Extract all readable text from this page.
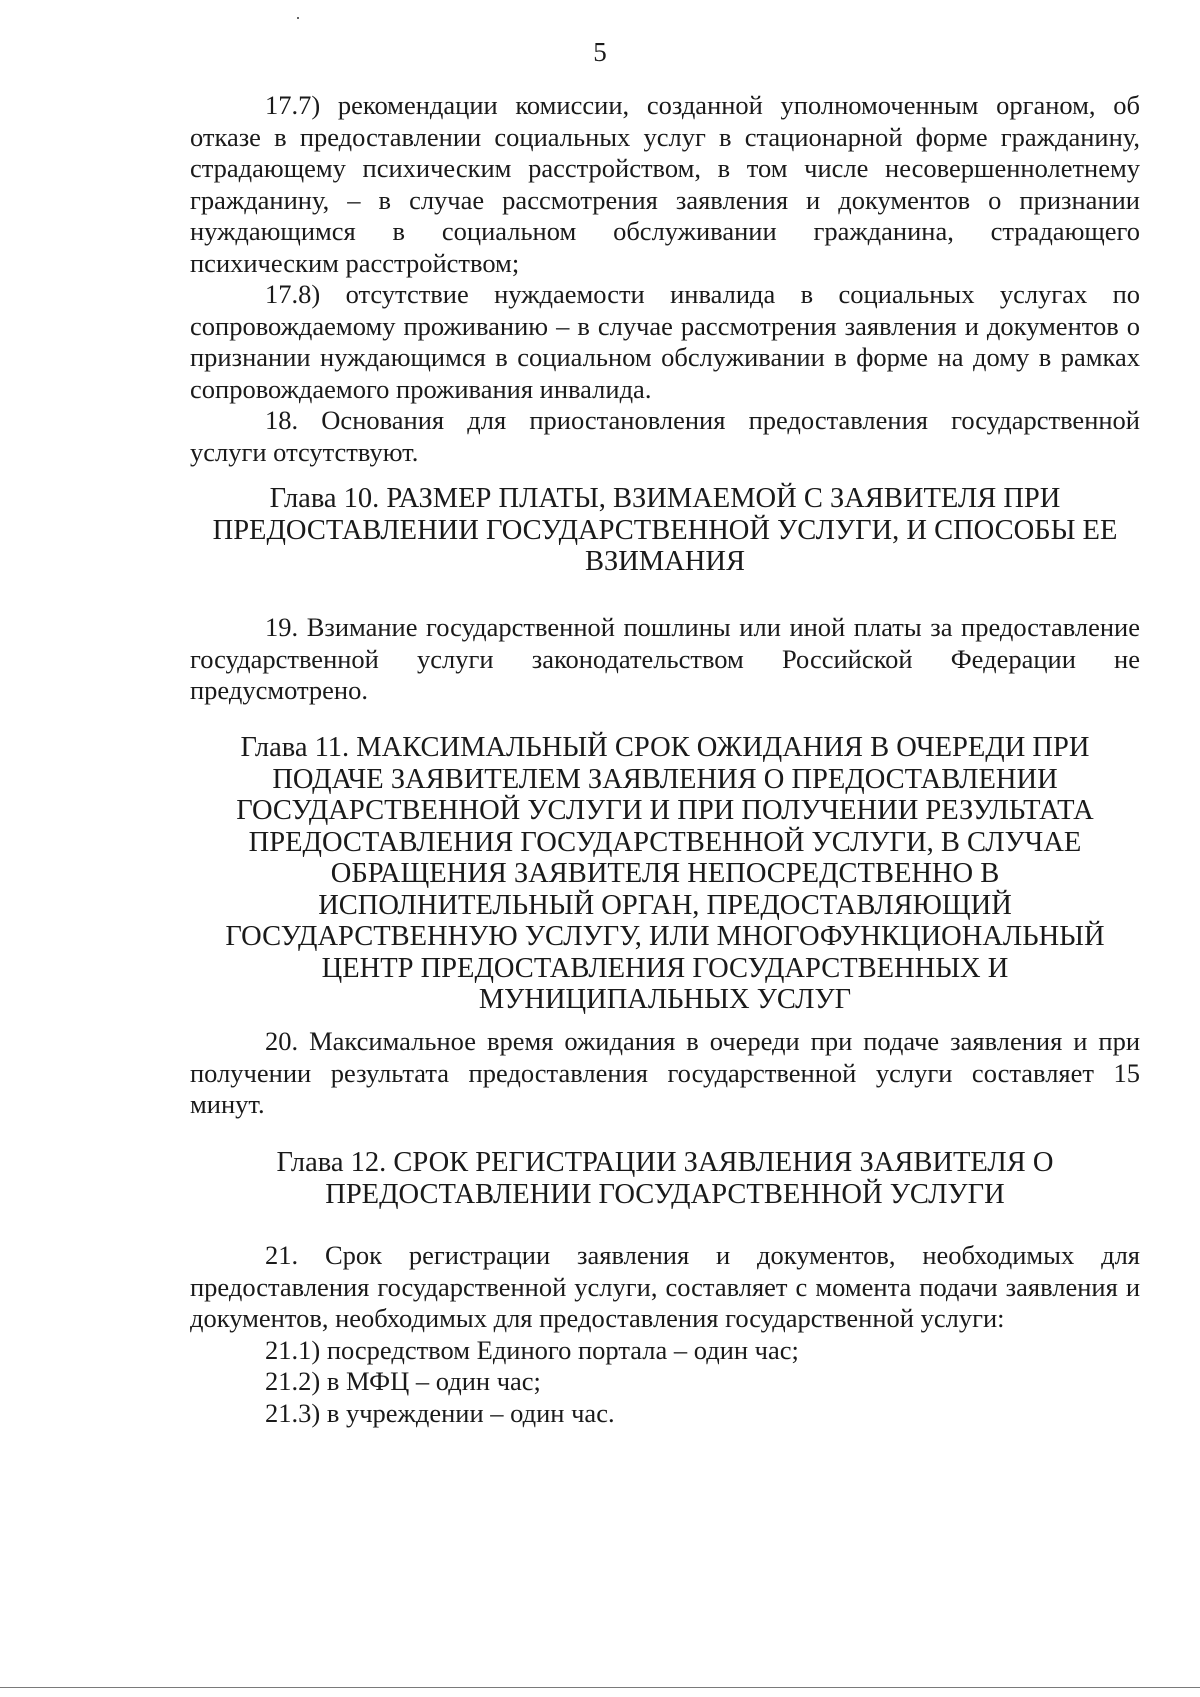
5

17.7) рекомендации комиссии, созданной уполномоченным органом, об отказе в предоставлении социальных услуг в стационарной форме гражданину, страдающему психическим расстройством, в том числе несовершеннолетнему гражданину, – в случае рассмотрения заявления и документов о признании нуждающимся в социальном обслуживании гражданина, страдающего психическим расстройством;

17.8) отсутствие нуждаемости инвалида в социальных услугах по сопровождаемому проживанию – в случае рассмотрения заявления и документов о признании нуждающимся в социальном обслуживании в форме на дому в рамках сопровождаемого проживания инвалида.

18. Основания для приостановления предоставления государственной услуги отсутствуют.

Глава 10. РАЗМЕР ПЛАТЫ, ВЗИМАЕМОЙ С ЗАЯВИТЕЛЯ ПРИ ПРЕДОСТАВЛЕНИИ ГОСУДАРСТВЕННОЙ УСЛУГИ, И СПОСОБЫ ЕЕ ВЗИМАНИЯ

19. Взимание государственной пошлины или иной платы за предоставление государственной услуги законодательством Российской Федерации не предусмотрено.

Глава 11. МАКСИМАЛЬНЫЙ СРОК ОЖИДАНИЯ В ОЧЕРЕДИ ПРИ ПОДАЧЕ ЗАЯВИТЕЛЕМ ЗАЯВЛЕНИЯ О ПРЕДОСТАВЛЕНИИ ГОСУДАРСТВЕННОЙ УСЛУГИ И ПРИ ПОЛУЧЕНИИ РЕЗУЛЬТАТА ПРЕДОСТАВЛЕНИЯ ГОСУДАРСТВЕННОЙ УСЛУГИ, В СЛУЧАЕ ОБРАЩЕНИЯ ЗАЯВИТЕЛЯ НЕПОСРЕДСТВЕННО В ИСПОЛНИТЕЛЬНЫЙ ОРГАН, ПРЕДОСТАВЛЯЮЩИЙ ГОСУДАРСТВЕННУЮ УСЛУГУ, ИЛИ МНОГОФУНКЦИОНАЛЬНЫЙ ЦЕНТР ПРЕДОСТАВЛЕНИЯ ГОСУДАРСТВЕННЫХ И МУНИЦИПАЛЬНЫХ УСЛУГ

20. Максимальное время ожидания в очереди при подаче заявления и при получении результата предоставления государственной услуги составляет 15 минут.

Глава 12. СРОК РЕГИСТРАЦИИ ЗАЯВЛЕНИЯ ЗАЯВИТЕЛЯ О ПРЕДОСТАВЛЕНИИ ГОСУДАРСТВЕННОЙ УСЛУГИ

21. Срок регистрации заявления и документов, необходимых для предоставления государственной услуги, составляет с момента подачи заявления и документов, необходимых для предоставления государственной услуги:

21.1) посредством Единого портала – один час;

21.2) в МФЦ – один час;

21.3) в учреждении – один час.
